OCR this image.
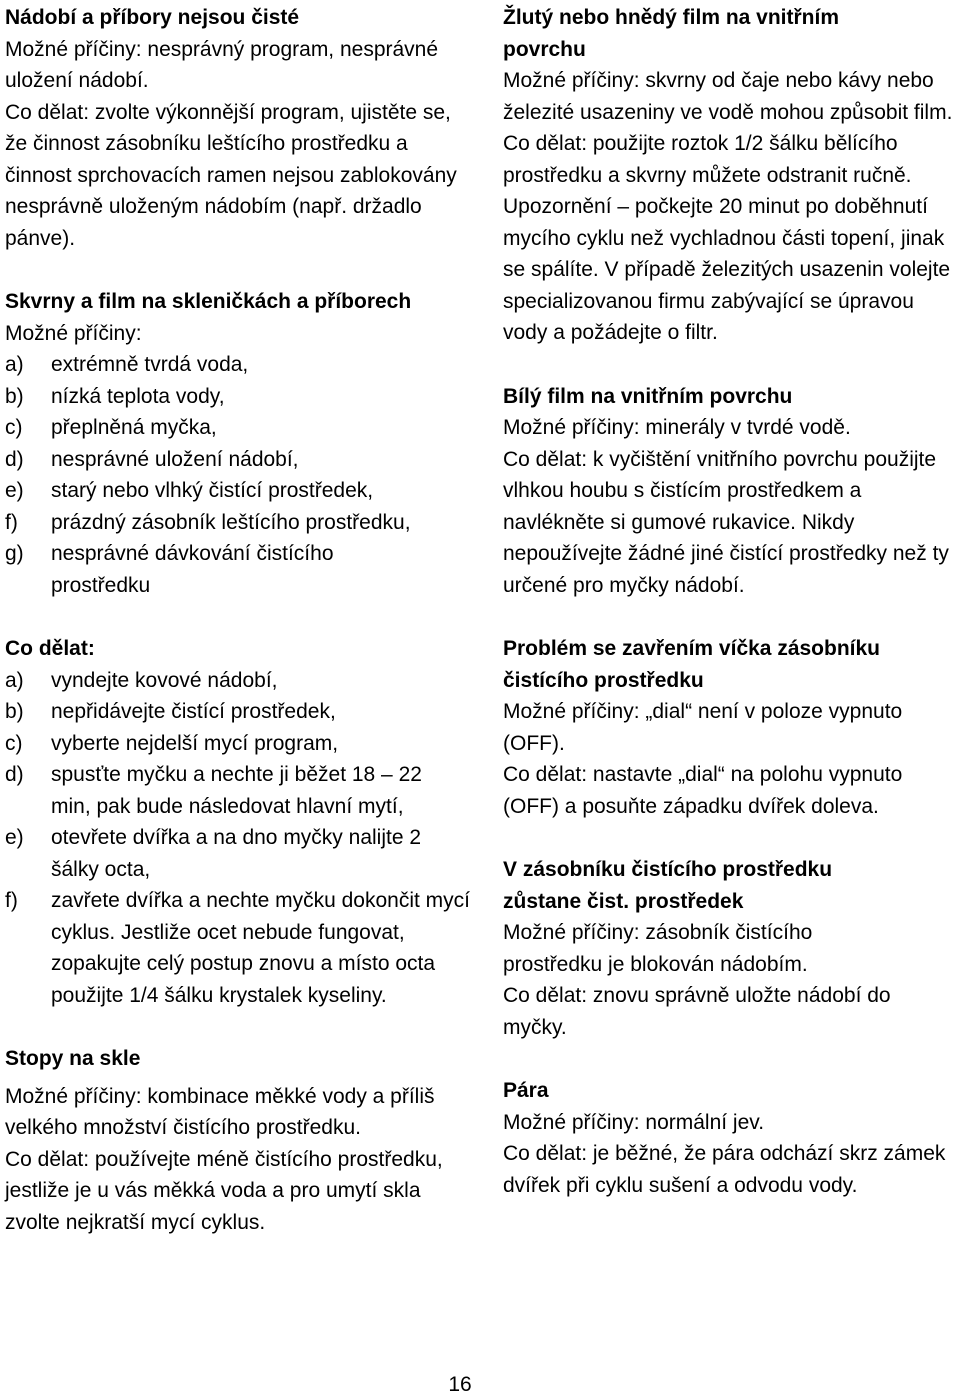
Nádobí a příbory nejsou čisté

Možné příčiny: nesprávný program, nesprávné uložení nádobí.

Co dělat: zvolte výkonnější program, ujistěte se, že činnost zásobníku leštícího prostředku a činnost sprchovacích ramen nejsou zablokovány nesprávně uloženým nádobím (např. držadlo pánve).

Skvrny a film na skleničkách a příborech

Možné příčiny:

a) extrémně tvrdá voda,
b) nízká teplota vody,
c) přeplněná myčka,
d) nesprávné uložení nádobí,
e) starý nebo vlhký čistící prostředek,
f) prázdný zásobník leštícího prostředku,
g) nesprávné dávkování čistícího prostředku

Co dělat:

a) vyndejte kovové nádobí,
b) nepřidávejte čistící prostředek,
c) vyberte nejdelší mycí program,
d) spusťte myčku a nechte ji běžet 18 – 22 min, pak bude následovat hlavní mytí,
e) otevřete dvířka a na dno myčky nalijte 2 šálky octa,
f) zavřete dvířka a nechte myčku dokončit mycí cyklus. Jestliže ocet nebude fungovat, zopakujte celý postup znovu a místo octa použijte 1/4 šálku krystalek kyseliny.

Stopy na skle

Možné příčiny: kombinace měkké vody a příliš velkého množství čistícího prostředku.

Co dělat: používejte méně čistícího prostředku, jestliže je u vás měkká voda a pro umytí skla zvolte nejkratší mycí cyklus.

Žlutý nebo hnědý film na vnitřním povrchu

Možné příčiny: skvrny od čaje nebo kávy nebo železité usazeniny ve vodě mohou způsobit film.

Co dělat: použijte roztok 1/2 šálku bělícího prostředku a skvrny můžete odstranit ručně. Upozornění – počkejte 20 minut po doběhnutí mycího cyklu než vychladnou části topení, jinak se spálíte. V případě železitých usazenin volejte specializovanou firmu zabývající se úpravou vody a požádejte o filtr.

Bílý film na vnitřním povrchu

Možné příčiny: minerály v tvrdé vodě.

Co dělat: k vyčištění vnitřního povrchu použijte vlhkou houbu s čistícím prostředkem a navlékněte si gumové rukavice. Nikdy nepoužívejte žádné jiné čistící prostředky než ty určené pro myčky nádobí.

Problém se zavřením víčka zásobníku čistícího prostředku

Možné příčiny: „dial“ není v poloze vypnuto (OFF).

Co dělat: nastavte „dial“ na polohu vypnuto (OFF) a posuňte západku dvířek doleva.

V zásobníku čistícího prostředku zůstane čist. prostředek

Možné příčiny: zásobník čistícího prostředku je blokován nádobím.

Co dělat: znovu správně uložte nádobí do myčky.

Pára

Možné příčiny: normální jev.

Co dělat: je běžné, že pára odchází skrz zámek dvířek při cyklu sušení a odvodu vody.

16
